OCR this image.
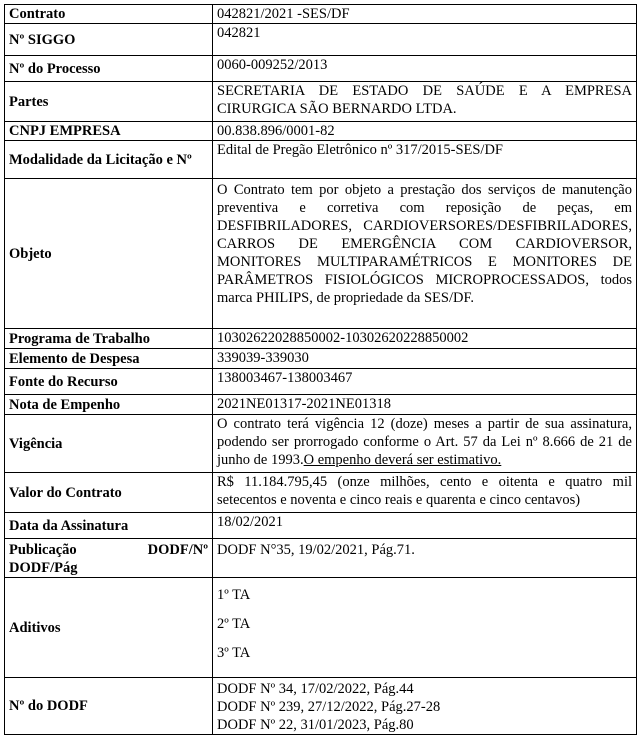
Contrato	042821/2021 -SES/DF
Nº SIGGO	042821
Nº do Processo	0060-009252/2013
Partes	SECRETARIA DE ESTADO DE SAÚDE E A EMPRESA CIRURGICA SÃO BERNARDO LTDA.
CNPJ EMPRESA	00.838.896/0001-82
Modalidade da Licitação e Nº	Edital de Pregão Eletrônico nº 317/2015-SES/DF
Objeto	O Contrato tem por objeto a prestação dos serviços de manutenção preventiva e corretiva com reposição de peças, em DESFIBRILADORES, CARDIOVERSORES/DESFIBRILADORES, CARROS DE EMERGÊNCIA COM CARDIOVERSOR, MONITORES MULTIPARAMÉTRICOS E MONITORES DE PARÂMETROS FISIOLÓGICOS MICROPROCESSADOS, todos marca PHILIPS, de propriedade da SES/DF.
Programa de Trabalho	10302622028850002-10302620228850002
Elemento de Despesa	339039-339030
Fonte do Recurso	138003467-138003467
Nota de Empenho	2021NE01317-2021NE01318
Vigência	O contrato terá vigência 12 (doze) meses a partir de sua assinatura, podendo ser prorrogado conforme o Art. 57 da Lei nº 8.666 de 21 de junho de 1993.O empenho deverá ser estimativo.
Valor do Contrato	R$ 11.184.795,45 (onze milhões, cento e oitenta e quatro mil setecentos e noventa e cinco reais e quarenta e cinco centavos)
Data da Assinatura	18/02/2021

Publicação DODF/Nº DODF/Pág	DODF N°35, 19/02/2021, Pág.71.
Aditivos	1º TA
2º TA
3º TA

Nº do DODF	DODF Nº 34, 17/02/2022, Pág.44
DODF Nº 239, 27/12/2022, Pág.27-28
DODF Nº 22, 31/01/2023, Pág.80
